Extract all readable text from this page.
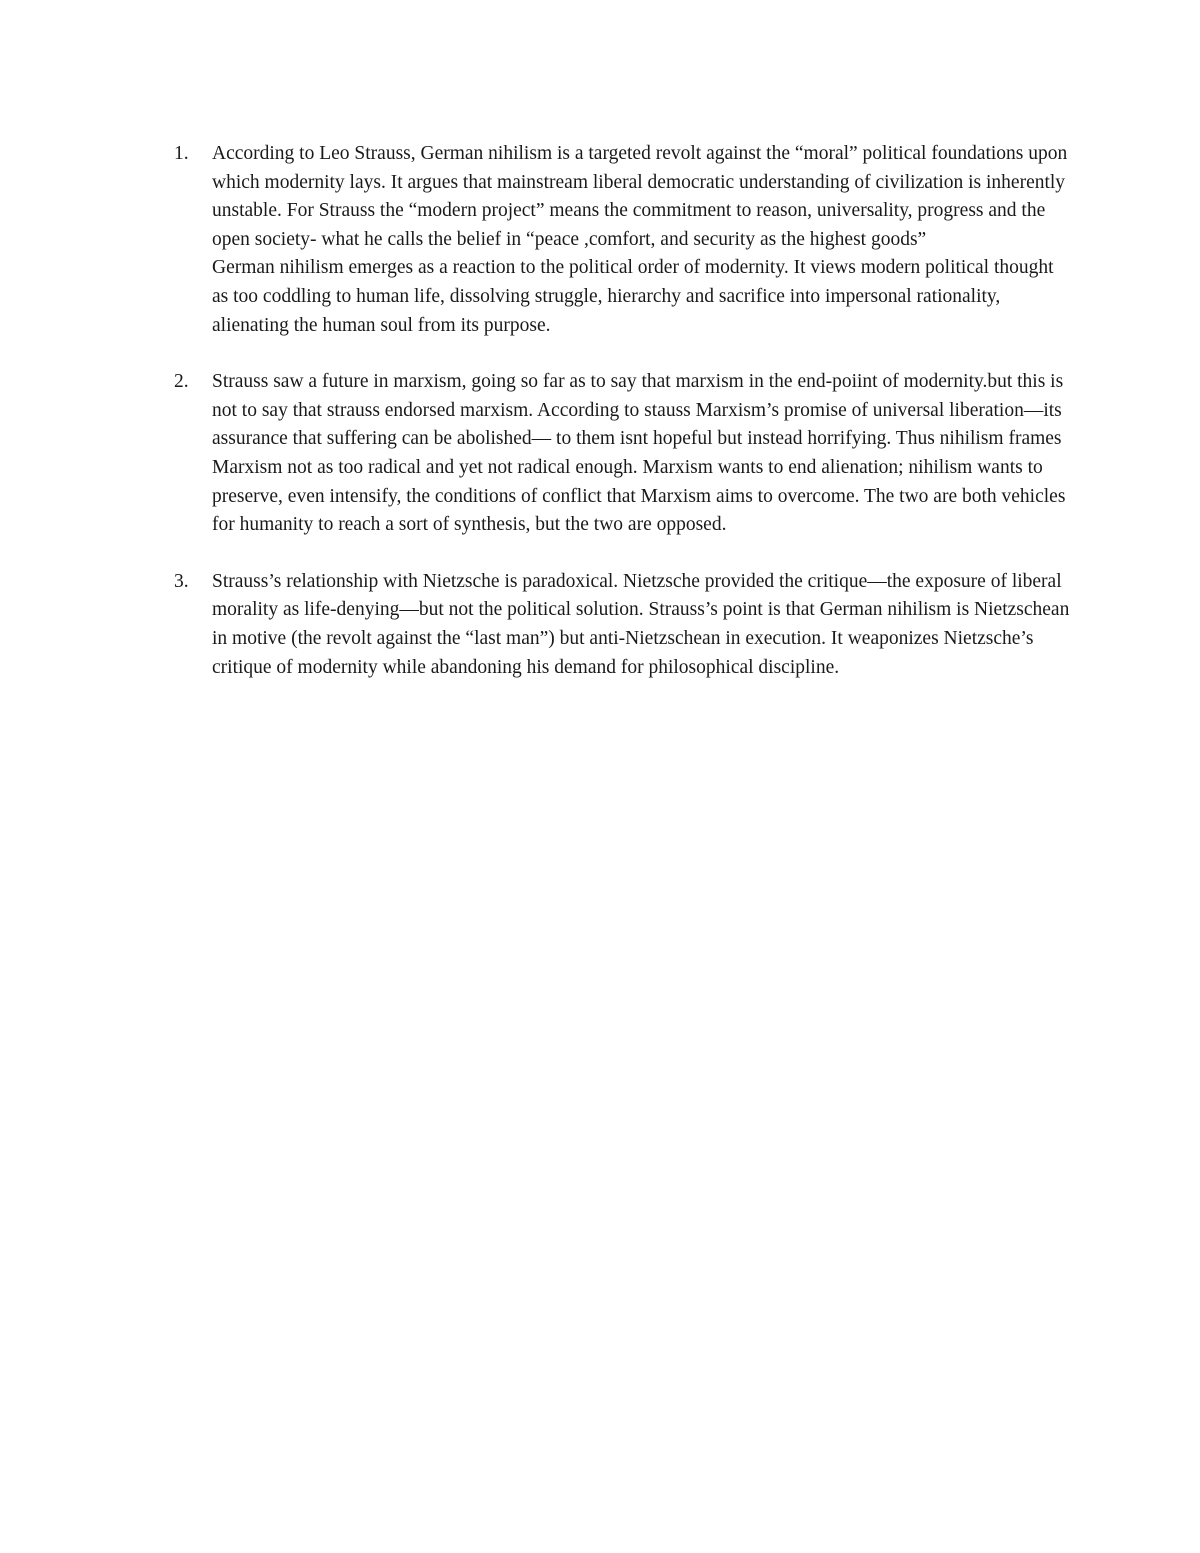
1.	According to Leo Strauss, German nihilism is a targeted revolt against the “moral” political foundations upon which modernity lays. It argues that mainstream liberal democratic understanding of civilization is inherently unstable. For Strauss the “modern project” means the commitment to reason, universality, progress and the open society- what he calls the belief in “peace ,comfort, and security as the highest goods”

German nihilism emerges as a reaction to the political order of modernity. It views modern political thought as too coddling to human life, dissolving struggle, hierarchy and sacrifice into impersonal rationality, alienating the human soul from its purpose.

2.	Strauss saw a future in marxism, going so far as to say that marxism in the end-poiint of modernity.but this is not to say that strauss endorsed marxism. According to stauss Marxism’s promise of universal liberation—its assurance that suffering can be abolished— to them isnt hopeful but instead horrifying. Thus nihilism frames Marxism not as too radical and yet not radical enough. Marxism wants to end alienation; nihilism wants to preserve, even intensify, the conditions of conflict that Marxism aims to overcome. The two are both vehicles for humanity to reach a sort of synthesis, but the two are opposed.

3.	Strauss’s relationship with Nietzsche is paradoxical. Nietzsche provided the critique—the exposure of liberal morality as life-denying—but not the political solution. Strauss’s point is that German nihilism is Nietzschean in motive (the revolt against the “last man”) but anti-Nietzschean in execution. It weaponizes Nietzsche’s critique of modernity while abandoning his demand for philosophical discipline.
